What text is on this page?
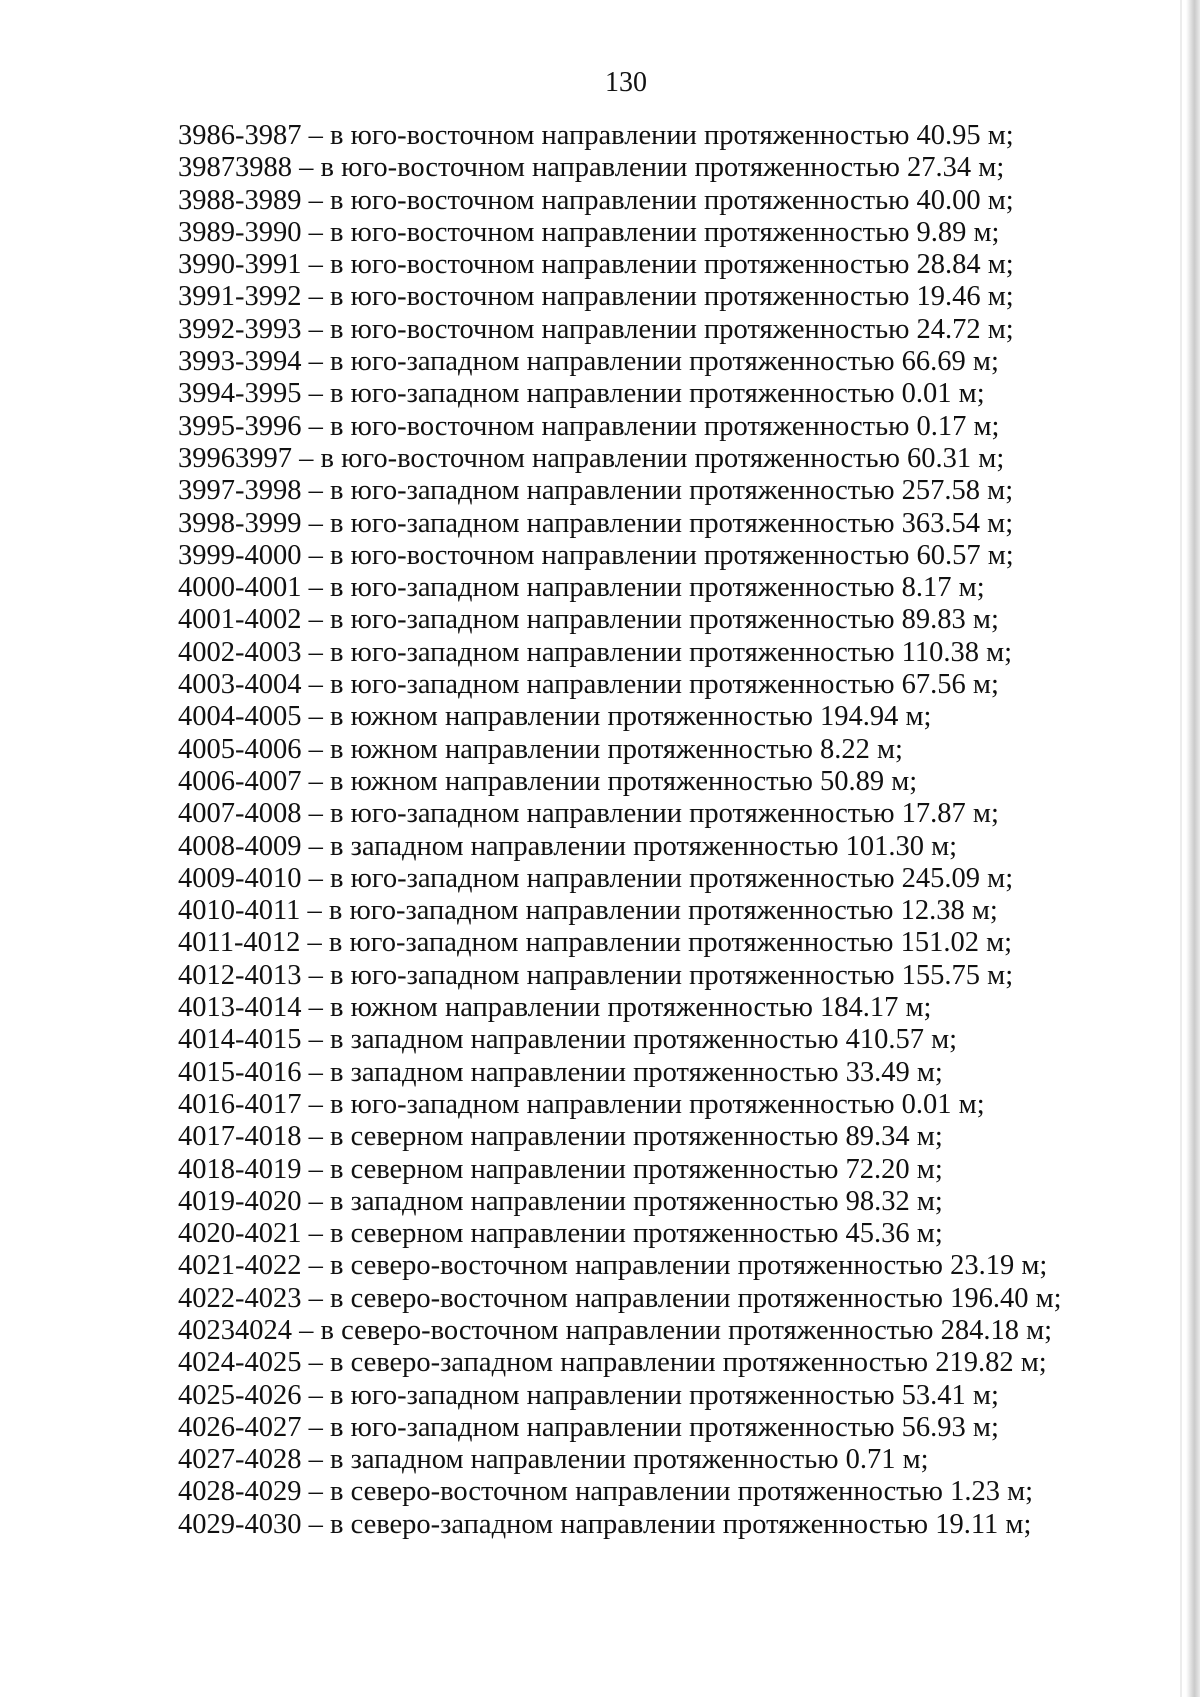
130
3986-3987 – в юго-восточном направлении протяженностью 40.95 м;
39873988 – в юго-восточном направлении протяженностью 27.34 м;
3988-3989 – в юго-восточном направлении протяженностью 40.00 м;
3989-3990 – в юго-восточном направлении протяженностью 9.89 м;
3990-3991 – в юго-восточном направлении протяженностью 28.84 м;
3991-3992 – в юго-восточном направлении протяженностью 19.46 м;
3992-3993 – в юго-восточном направлении протяженностью 24.72 м;
3993-3994 – в юго-западном направлении протяженностью 66.69 м;
3994-3995 – в юго-западном направлении протяженностью 0.01 м;
3995-3996 – в юго-восточном направлении протяженностью 0.17 м;
39963997 – в юго-восточном направлении протяженностью 60.31 м;
3997-3998 – в юго-западном направлении протяженностью 257.58 м;
3998-3999 – в юго-западном направлении протяженностью 363.54 м;
3999-4000 – в юго-восточном направлении протяженностью 60.57 м;
4000-4001 – в юго-западном направлении протяженностью 8.17 м;
4001-4002 – в юго-западном направлении протяженностью 89.83 м;
4002-4003 – в юго-западном направлении протяженностью 110.38 м;
4003-4004 – в юго-западном направлении протяженностью 67.56 м;
4004-4005 – в южном направлении протяженностью 194.94 м;
4005-4006 – в южном направлении протяженностью 8.22 м;
4006-4007 – в южном направлении протяженностью 50.89 м;
4007-4008 – в юго-западном направлении протяженностью 17.87 м;
4008-4009 – в западном направлении протяженностью 101.30 м;
4009-4010 – в юго-западном направлении протяженностью 245.09 м;
4010-4011 – в юго-западном направлении протяженностью 12.38 м;
4011-4012 – в юго-западном направлении протяженностью 151.02 м;
4012-4013 – в юго-западном направлении протяженностью 155.75 м;
4013-4014 – в южном направлении протяженностью 184.17 м;
4014-4015 – в западном направлении протяженностью 410.57 м;
4015-4016 – в западном направлении протяженностью 33.49 м;
4016-4017 – в юго-западном направлении протяженностью 0.01 м;
4017-4018 – в северном направлении протяженностью 89.34 м;
4018-4019 – в северном направлении протяженностью 72.20 м;
4019-4020 – в западном направлении протяженностью 98.32 м;
4020-4021 – в северном направлении протяженностью 45.36 м;
4021-4022 – в северо-восточном направлении протяженностью 23.19 м;
4022-4023 – в северо-восточном направлении протяженностью 196.40 м;
40234024 – в северо-восточном направлении протяженностью 284.18 м;
4024-4025 – в северо-западном направлении протяженностью 219.82 м;
4025-4026 – в юго-западном направлении протяженностью 53.41 м;
4026-4027 – в юго-западном направлении протяженностью 56.93 м;
4027-4028 – в западном направлении протяженностью 0.71 м;
4028-4029 – в северо-восточном направлении протяженностью 1.23 м;
4029-4030 – в северо-западном направлении протяженностью 19.11 м;
